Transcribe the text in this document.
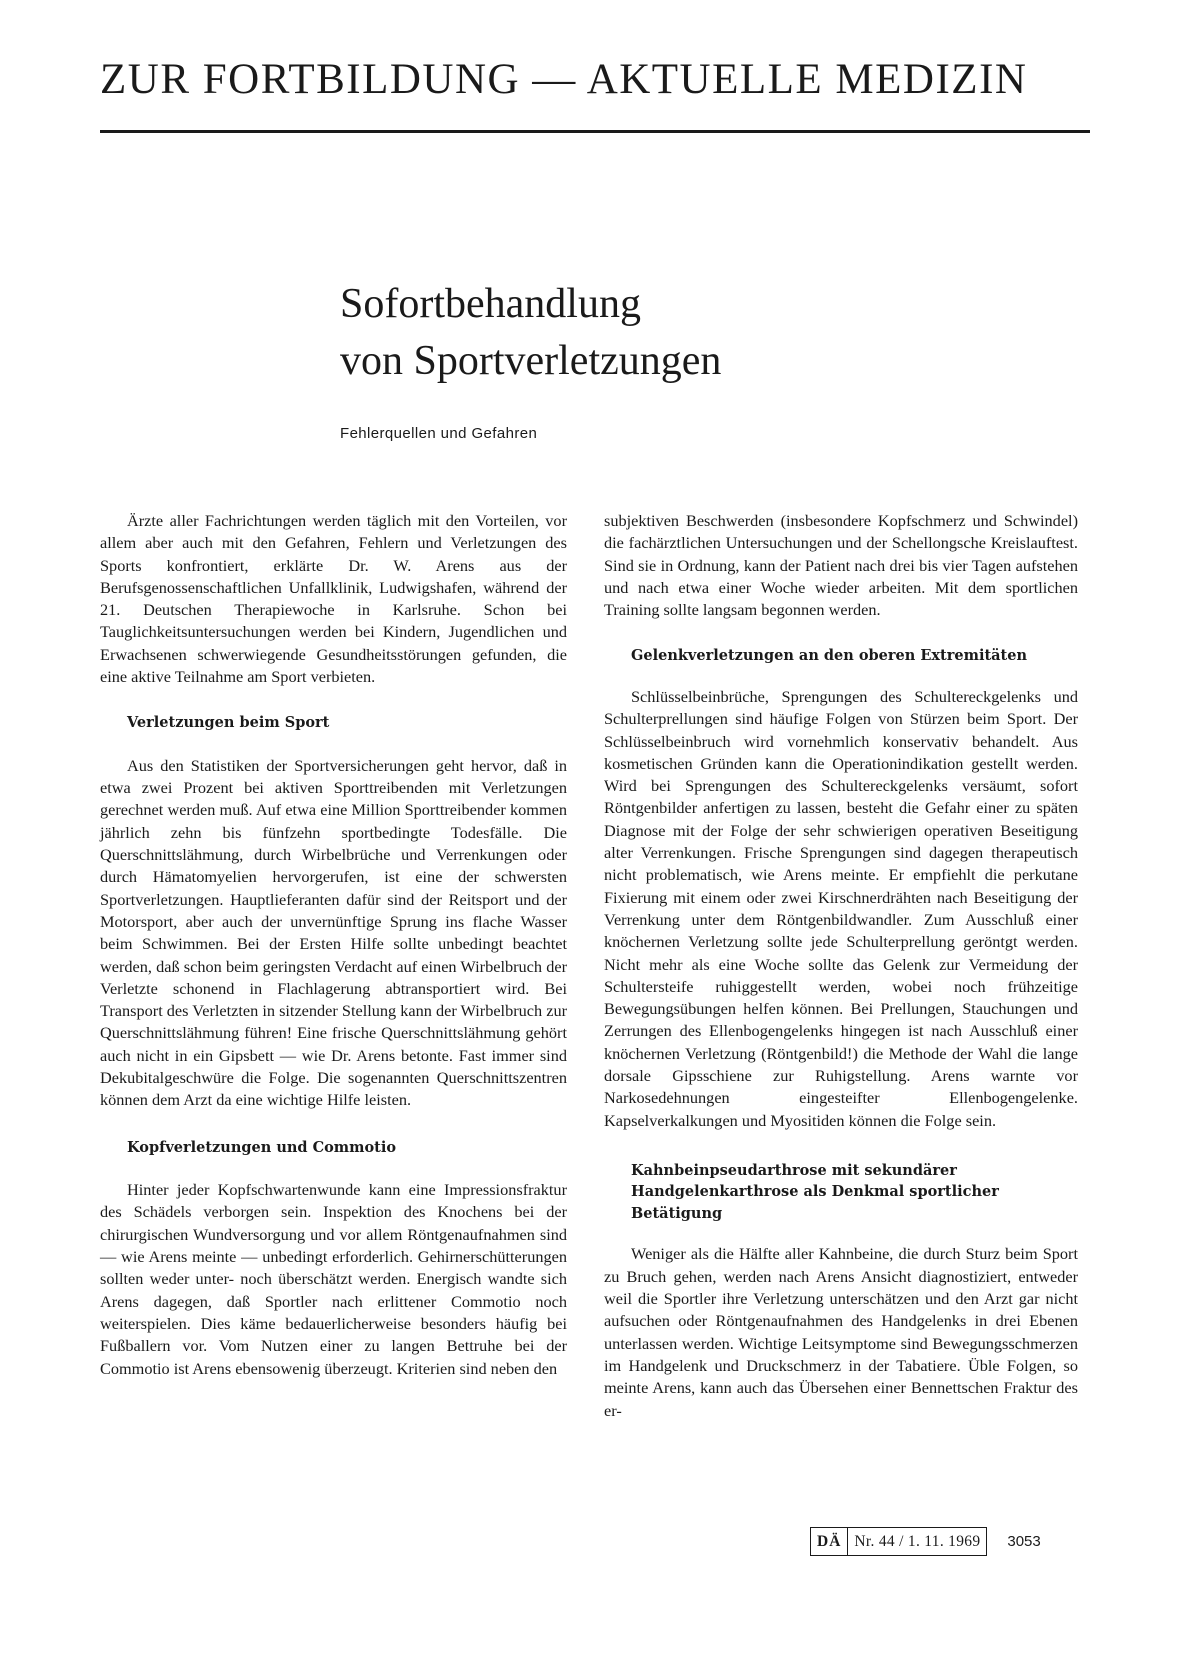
ZUR FORTBILDUNG — AKTUELLE MEDIZIN
Sofortbehandlung
von Sportverletzungen
Fehlerquellen und Gefahren

Ärzte aller Fachrichtungen werden täglich mit den Vorteilen, vor allem aber auch mit den Gefahren, Fehlern und Verletzungen des Sports konfrontiert, erklärte Dr. W. Arens aus der Berufsgenossenschaftlichen Unfallklinik, Ludwigshafen, während der 21. Deutschen Therapiewoche in Karlsruhe. Schon bei Tauglichkeitsuntersuchungen werden bei Kindern, Jugendlichen und Erwachsenen schwerwiegende Gesundheitsstörungen gefunden, die eine aktive Teilnahme am Sport verbieten.

Verletzungen beim Sport

Aus den Statistiken der Sportversicherungen geht hervor, daß in etwa zwei Prozent bei aktiven Sporttreibenden mit Verletzungen gerechnet werden muß. Auf etwa eine Million Sporttreibender kommen jährlich zehn bis fünfzehn sportbedingte Todesfälle. Die Querschnittslähmung, durch Wirbelbrüche und Verrenkungen oder durch Hämatomyelien hervorgerufen, ist eine der schwersten Sportverletzungen. Hauptlieferanten dafür sind der Reitsport und der Motorsport, aber auch der unvernünftige Sprung ins flache Wasser beim Schwimmen. Bei der Ersten Hilfe sollte unbedingt beachtet werden, daß schon beim geringsten Verdacht auf einen Wirbelbruch der Verletzte schonend in Flachlagerung abtransportiert wird. Bei Transport des Verletzten in sitzender Stellung kann der Wirbelbruch zur Querschnittslähmung führen! Eine frische Querschnittslähmung gehört auch nicht in ein Gipsbett — wie Dr. Arens betonte. Fast immer sind Dekubitalgeschwüre die Folge. Die sogenannten Querschnittszentren können dem Arzt da eine wichtige Hilfe leisten.

Kopfverletzungen und Commotio

Hinter jeder Kopfschwartenwunde kann eine Impressionsfraktur des Schädels verborgen sein. Inspektion des Knochens bei der chirurgischen Wundversorgung und vor allem Röntgenaufnahmen sind — wie Arens meinte — unbedingt erforderlich. Gehirnerschütterungen sollten weder unter- noch überschätzt werden. Energisch wandte sich Arens dagegen, daß Sportler nach erlittener Commotio noch weiterspielen. Dies käme bedauerlicherweise besonders häufig bei Fußballern vor. Vom Nutzen einer zu langen Bettruhe bei der Commotio ist Arens ebensowenig überzeugt. Kriterien sind neben den

subjektiven Beschwerden (insbesondere Kopfschmerz und Schwindel) die fachärztlichen Untersuchungen und der Schellongsche Kreislauftest. Sind sie in Ordnung, kann der Patient nach drei bis vier Tagen aufstehen und nach etwa einer Woche wieder arbeiten. Mit dem sportlichen Training sollte langsam begonnen werden.

Gelenkverletzungen an den oberen Extremitäten

Schlüsselbeinbrüche, Sprengungen des Schultereckgelenks und Schulterprellungen sind häufige Folgen von Stürzen beim Sport. Der Schlüsselbeinbruch wird vornehmlich konservativ behandelt. Aus kosmetischen Gründen kann die Operationindikation gestellt werden. Wird bei Sprengungen des Schultereckgelenks versäumt, sofort Röntgenbilder anfertigen zu lassen, besteht die Gefahr einer zu späten Diagnose mit der Folge der sehr schwierigen operativen Beseitigung alter Verrenkungen. Frische Sprengungen sind dagegen therapeutisch nicht problematisch, wie Arens meinte. Er empfiehlt die perkutane Fixierung mit einem oder zwei Kirschnerdrähten nach Beseitigung der Verrenkung unter dem Röntgenbildwandler. Zum Ausschluß einer knöchernen Verletzung sollte jede Schulterprellung geröntgt werden. Nicht mehr als eine Woche sollte das Gelenk zur Vermeidung der Schultersteife ruhiggestellt werden, wobei noch frühzeitige Bewegungsübungen helfen können. Bei Prellungen, Stauchungen und Zerrungen des Ellenbogengelenks hingegen ist nach Ausschluß einer knöchernen Verletzung (Röntgenbild!) die Methode der Wahl die lange dorsale Gipsschiene zur Ruhigstellung. Arens warnte vor Narkosedehnungen eingesteifter Ellenbogengelenke. Kapselverkalkungen und Myositiden können die Folge sein.

Kahnbeinpseudarthrose mit sekundärer Handgelenkarthrose als Denkmal sportlicher Betätigung

Weniger als die Hälfte aller Kahnbeine, die durch Sturz beim Sport zu Bruch gehen, werden nach Arens Ansicht diagnostiziert, entweder weil die Sportler ihre Verletzung unterschätzen und den Arzt gar nicht aufsuchen oder Röntgenaufnahmen des Handgelenks in drei Ebenen unterlassen werden. Wichtige Leitsymptome sind Bewegungsschmerzen im Handgelenk und Druckschmerz in der Tabatiere. Üble Folgen, so meinte Arens, kann auch das Übersehen einer Bennettschen Fraktur des er-

DÄ Nr. 44 / 1. 11. 1969	3053
